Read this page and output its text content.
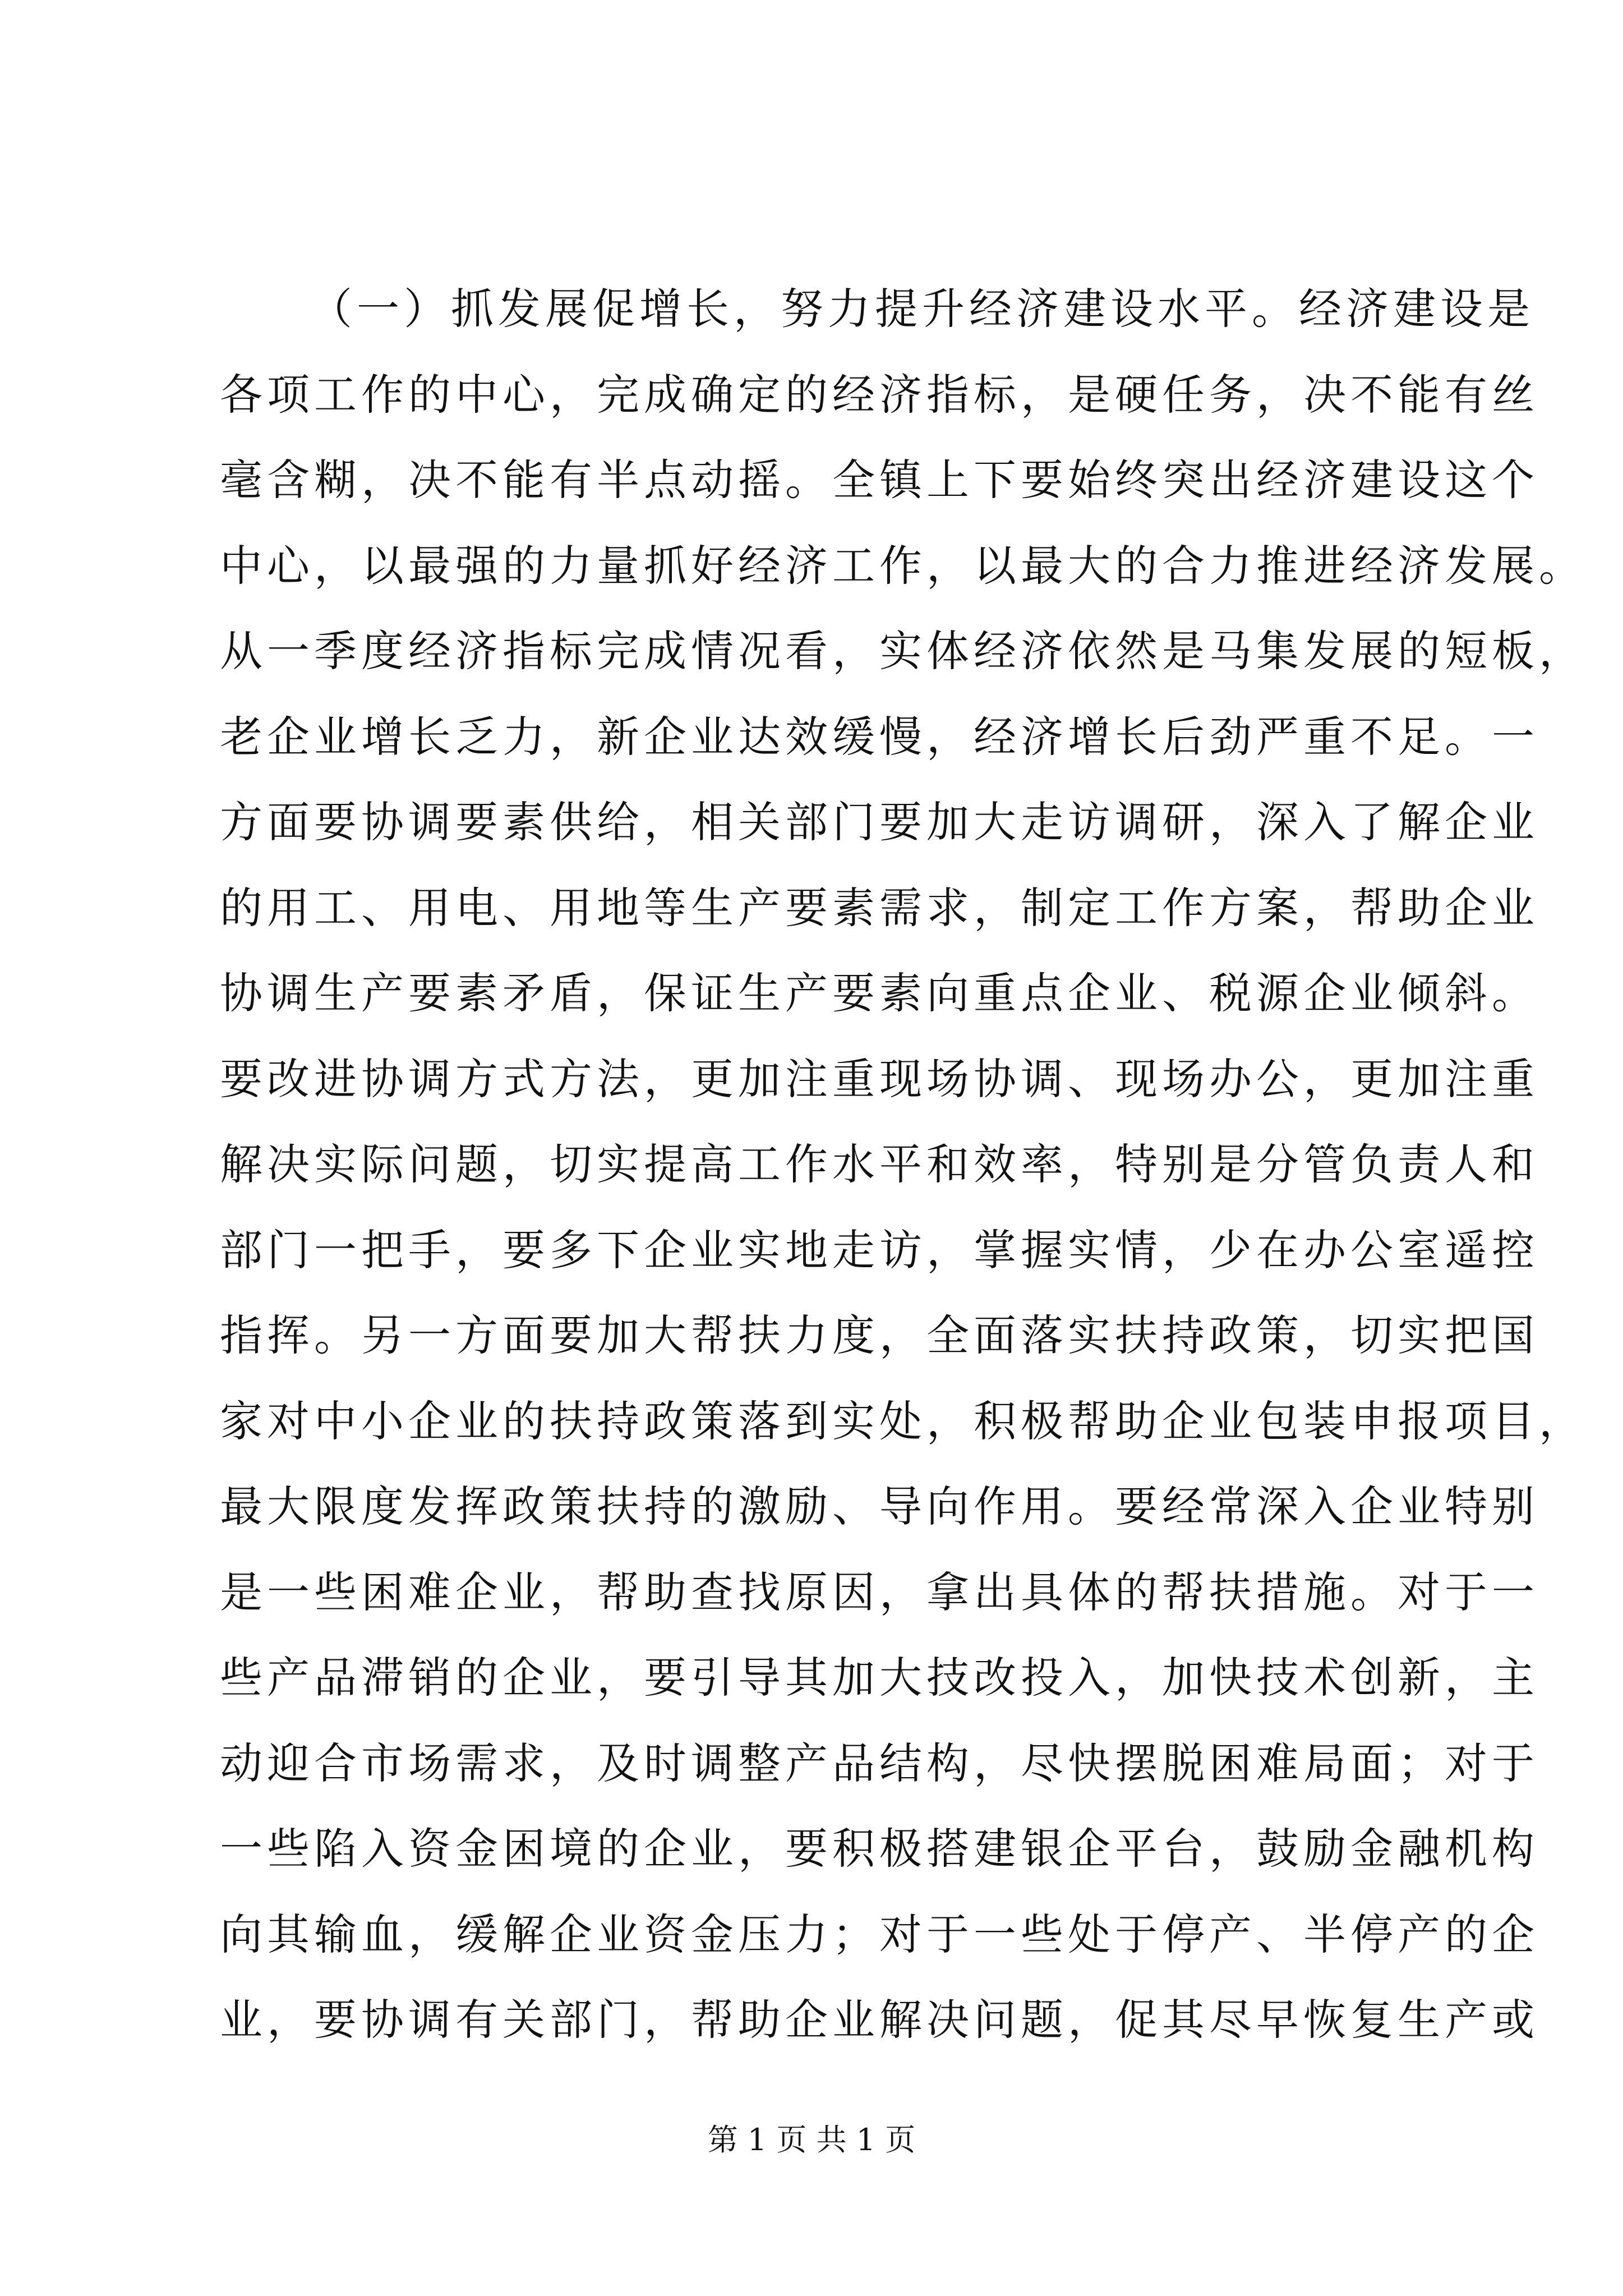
（一）抓发展促增长，努力提升经济建设水平。经济建设是
各项工作的中心，完成确定的经济指标，是硬任务，决不能有丝
毫含糊，决不能有半点动摇。全镇上下要始终突出经济建设这个
中心，以最强的力量抓好经济工作，以最大的合力推进经济发展。
从一季度经济指标完成情况看，实体经济依然是马集发展的短板，
老企业增长乏力，新企业达效缓慢，经济增长后劲严重不足。一
方面要协调要素供给，相关部门要加大走访调研，深入了解企业
的用工、用电、用地等生产要素需求，制定工作方案，帮助企业
协调生产要素矛盾，保证生产要素向重点企业、税源企业倾斜。
要改进协调方式方法，更加注重现场协调、现场办公，更加注重
解决实际问题，切实提高工作水平和效率，特别是分管负责人和
部门一把手，要多下企业实地走访，掌握实情，少在办公室遥控
指挥。另一方面要加大帮扶力度，全面落实扶持政策，切实把国
家对中小企业的扶持政策落到实处，积极帮助企业包装申报项目，
最大限度发挥政策扶持的激励、导向作用。要经常深入企业特别
是一些困难企业，帮助查找原因，拿出具体的帮扶措施。对于一
些产品滞销的企业，要引导其加大技改投入，加快技术创新，主
动迎合市场需求，及时调整产品结构，尽快摆脱困难局面；对于
一些陷入资金困境的企业，要积极搭建银企平台，鼓励金融机构
向其输血，缓解企业资金压力；对于一些处于停产、半停产的企
业，要协调有关部门，帮助企业解决问题，促其尽早恢复生产或
第 1 页 共 1 页
